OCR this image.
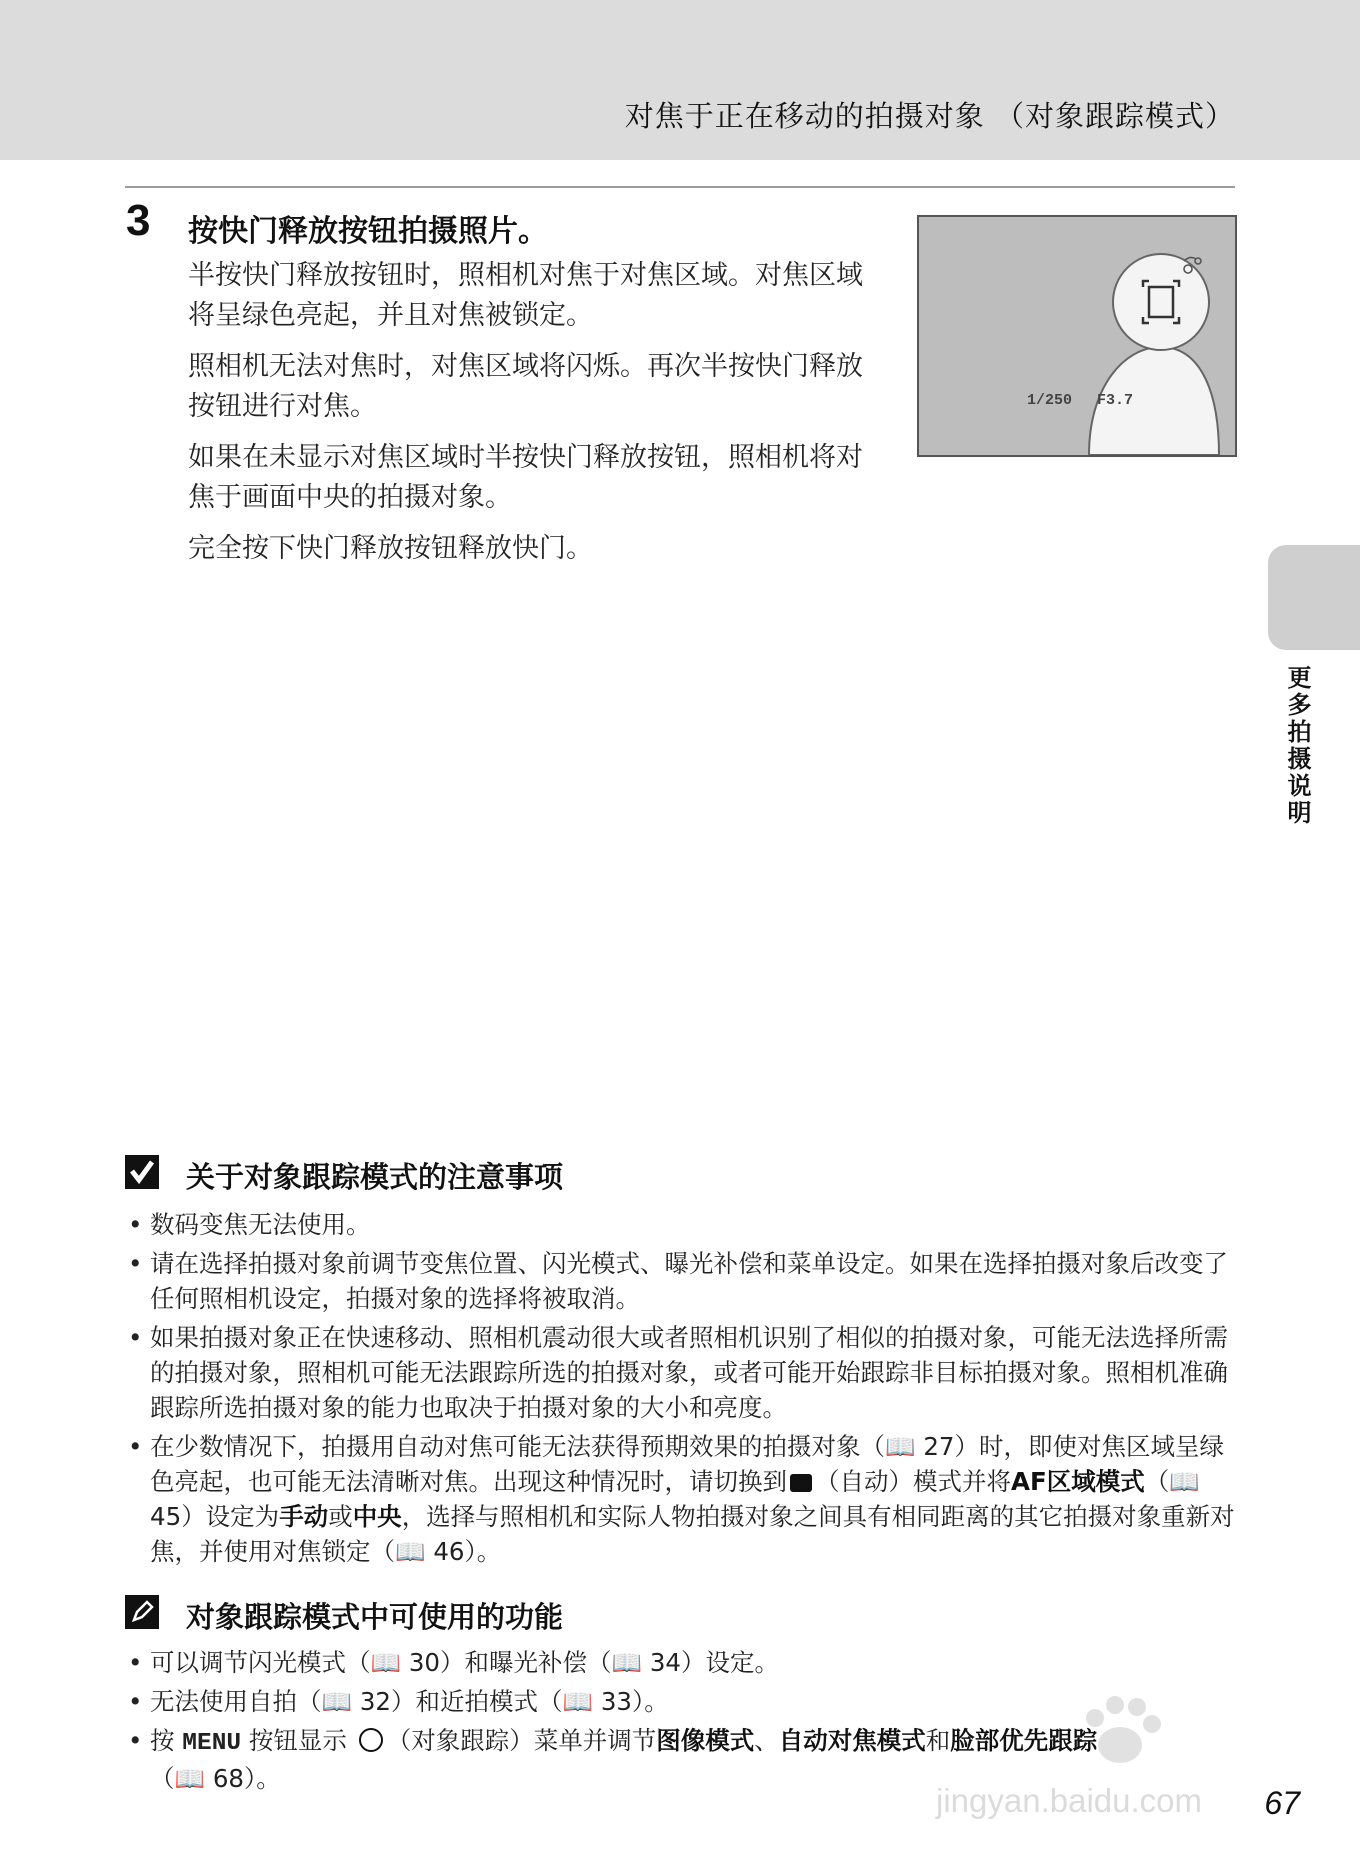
对焦于正在移动的拍摄对象 （对象跟踪模式）
3 按快门释放按钮拍摄照片。

半按快门释放按钮时，照相机对焦于对焦区域。对焦区域将呈绿色亮起，并且对焦被锁定。

照相机无法对焦时，对焦区域将闪烁。再次半按快门释放按钮进行对焦。

如果在未显示对焦区域时半按快门释放按钮，照相机将对焦于画面中央的拍摄对象。

完全按下快门释放按钮释放快门。

1/250 F3.7
更多拍摄说明
关于对象跟踪模式的注意事项
• 数码变焦无法使用。
• 请在选择拍摄对象前调节变焦位置、闪光模式、曝光补偿和菜单设定。如果在选择拍摄对象后改变了任何照相机设定，拍摄对象的选择将被取消。
• 如果拍摄对象正在快速移动、照相机震动很大或者照相机识别了相似的拍摄对象，可能无法选择所需的拍摄对象，照相机可能无法跟踪所选的拍摄对象，或者可能开始跟踪非目标拍摄对象。照相机准确跟踪所选拍摄对象的能力也取决于拍摄对象的大小和亮度。
• 在少数情况下，拍摄用自动对焦可能无法获得预期效果的拍摄对象（📖 27）时，即使对焦区域呈绿色亮起，也可能无法清晰对焦。出现这种情况时，请切换到 （自动）模式并将AF区域模式（📖 45）设定为手动或中央，选择与照相机和实际人物拍摄对象之间具有相同距离的其它拍摄对象重新对焦，并使用对焦锁定（📖 46）。
对象跟踪模式中可使用的功能
• 可以调节闪光模式（📖 30）和曝光补偿（📖 34）设定。
• 无法使用自拍（📖 32）和近拍模式（📖 33）。
• 按 MENU 按钮显示 （对象跟踪）菜单并调节图像模式、自动对焦模式和脸部优先跟踪
（📖 68）。
jingyan.baidu.com 67
